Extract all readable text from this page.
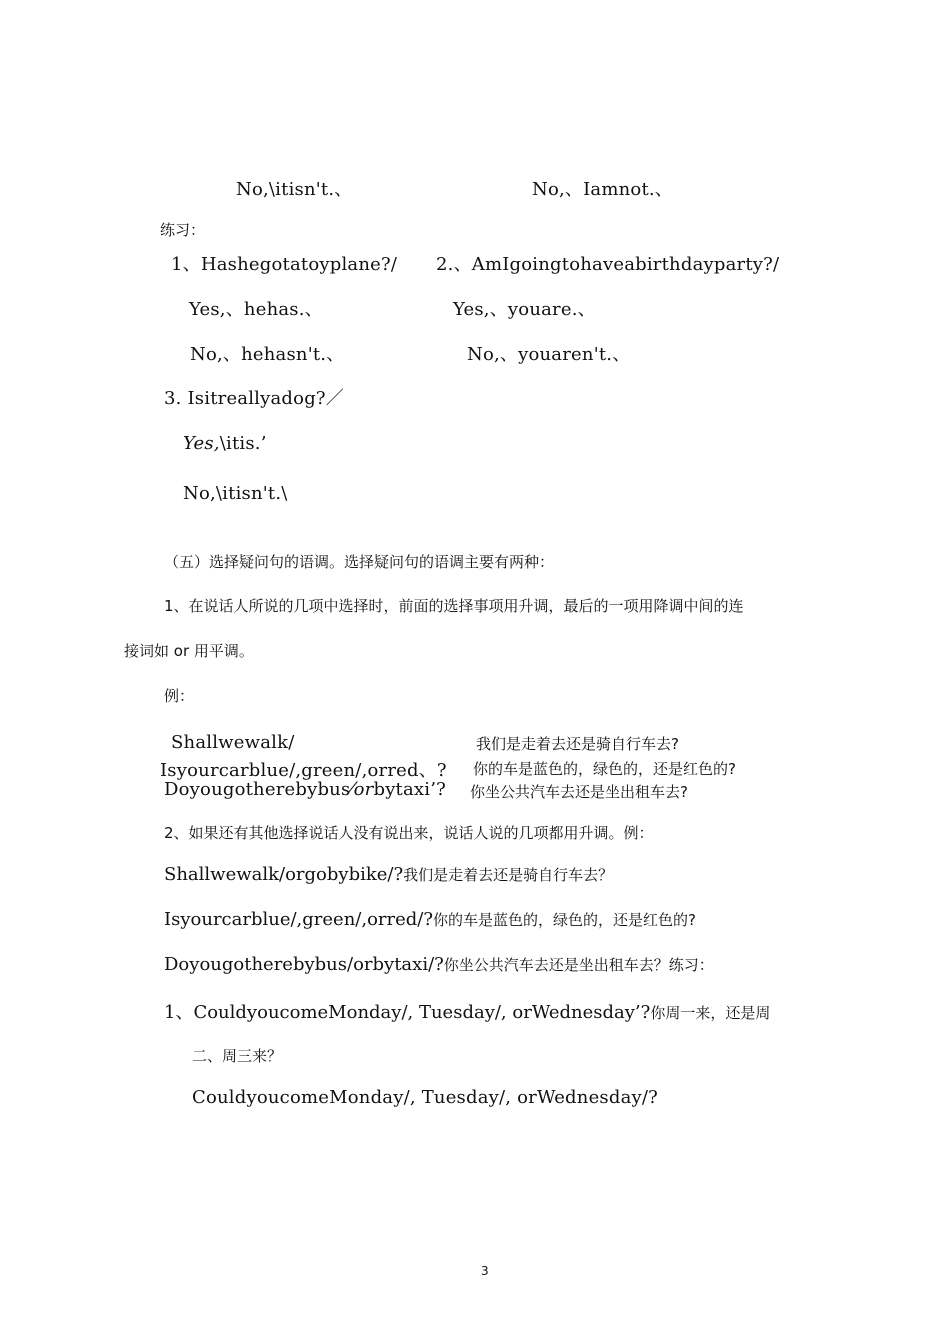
No,\itisn't.、	No,、Iamnot.、
练习：
1、Hashegotatoyplane?/ 2.、AmIgoingtohaveabirthdayparty?/
Yes,、hehas.、	Yes,、youare.、
No,、hehasn't.、	No,、youaren't.、
3. Isitreallyadog?／
Yes,\itis.’
No,\itisn't.\
（五）选择疑问句的语调。选择疑问句的语调主要有两种：
1、在说话人所说的几项中选择时，前面的选择事项用升调，最后的一项用降调中间的连
接词如 or 用平调。
例：
Shallwewalk/	我们是走着去还是骑自行车去?
Isyourcarblue/,green/,orred、? 你的车是蓝色的，绿色的，还是红色的?
Doyougotherebybus⁄orbytaxi’? 你坐公共汽车去还是坐出租车去?
2、如果还有其他选择说话人没有说出来，说话人说的几项都用升调。例：
Shallwewalk/orgobybike/?我们是走着去还是骑自行车去？
Isyourcarblue/,green/,orred/?你的车是蓝色的，绿色的，还是红色的?
Doyougotherebybus/orbytaxi/?你坐公共汽车去还是坐出租车去？练习：
1、CouldyoucomeMonday/, Tuesday/, orWednesday’?你周一来，还是周
二、周三来？
CouldyoucomeMonday/, Tuesday/, orWednesday/?
3
